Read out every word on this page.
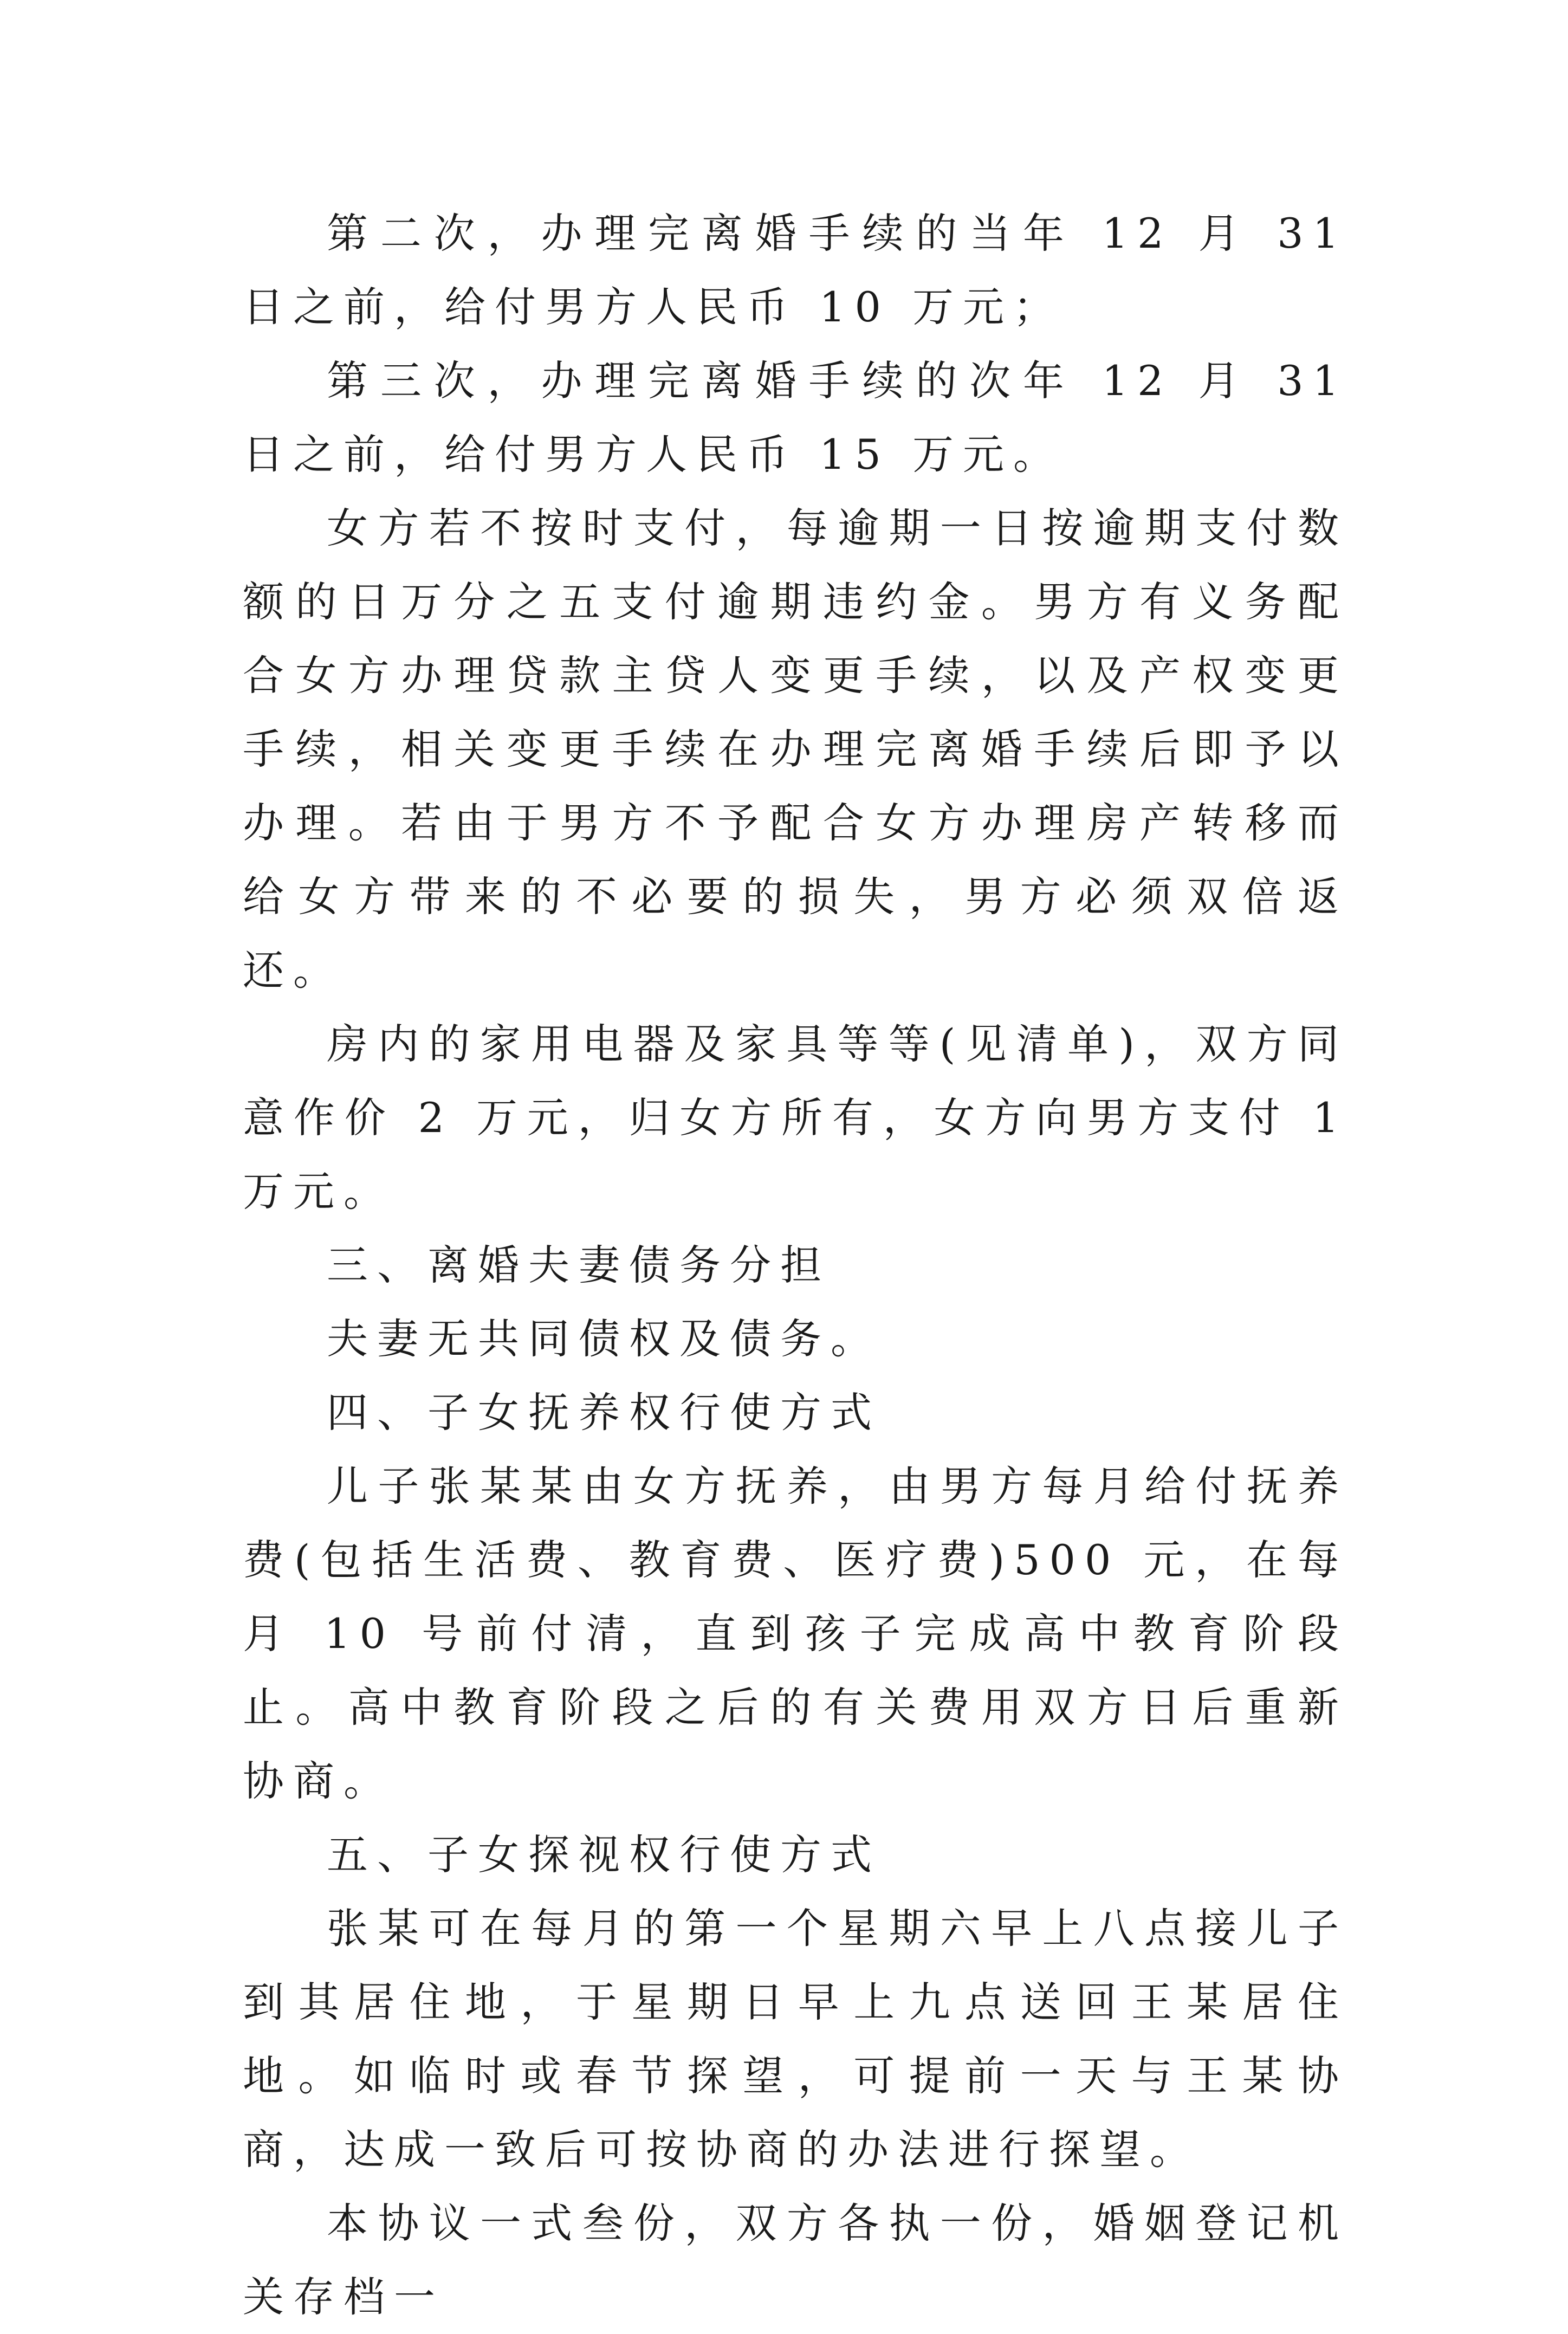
第二次，办理完离婚手续的当年 12 月 31 日之前，给付男方人民币 10 万元；

第三次，办理完离婚手续的次年 12 月 31 日之前，给付男方人民币 15 万元。

女方若不按时支付，每逾期一日按逾期支付数额的日万分之五支付逾期违约金。男方有义务配合女方办理贷款主贷人变更手续，以及产权变更手续，相关变更手续在办理完离婚手续后即予以办理。若由于男方不予配合女方办理房产转移而给女方带来的不必要的损失，男方必须双倍返还。

房内的家用电器及家具等等(见清单)，双方同意作价 2 万元，归女方所有，女方向男方支付 1 万元。

三、离婚夫妻债务分担

夫妻无共同债权及债务。

四、子女抚养权行使方式

儿子张某某由女方抚养，由男方每月给付抚养费(包括生活费、教育费、医疗费)500 元，在每月 10 号前付清，直到孩子完成高中教育阶段止。高中教育阶段之后的有关费用双方日后重新协商。

五、子女探视权行使方式

张某可在每月的第一个星期六早上八点接儿子到其居住地，于星期日早上九点送回王某居住地。如临时或春节探望，可提前一天与王某协商，达成一致后可按协商的办法进行探望。

本协议一式叁份，双方各执一份，婚姻登记机关存档一
